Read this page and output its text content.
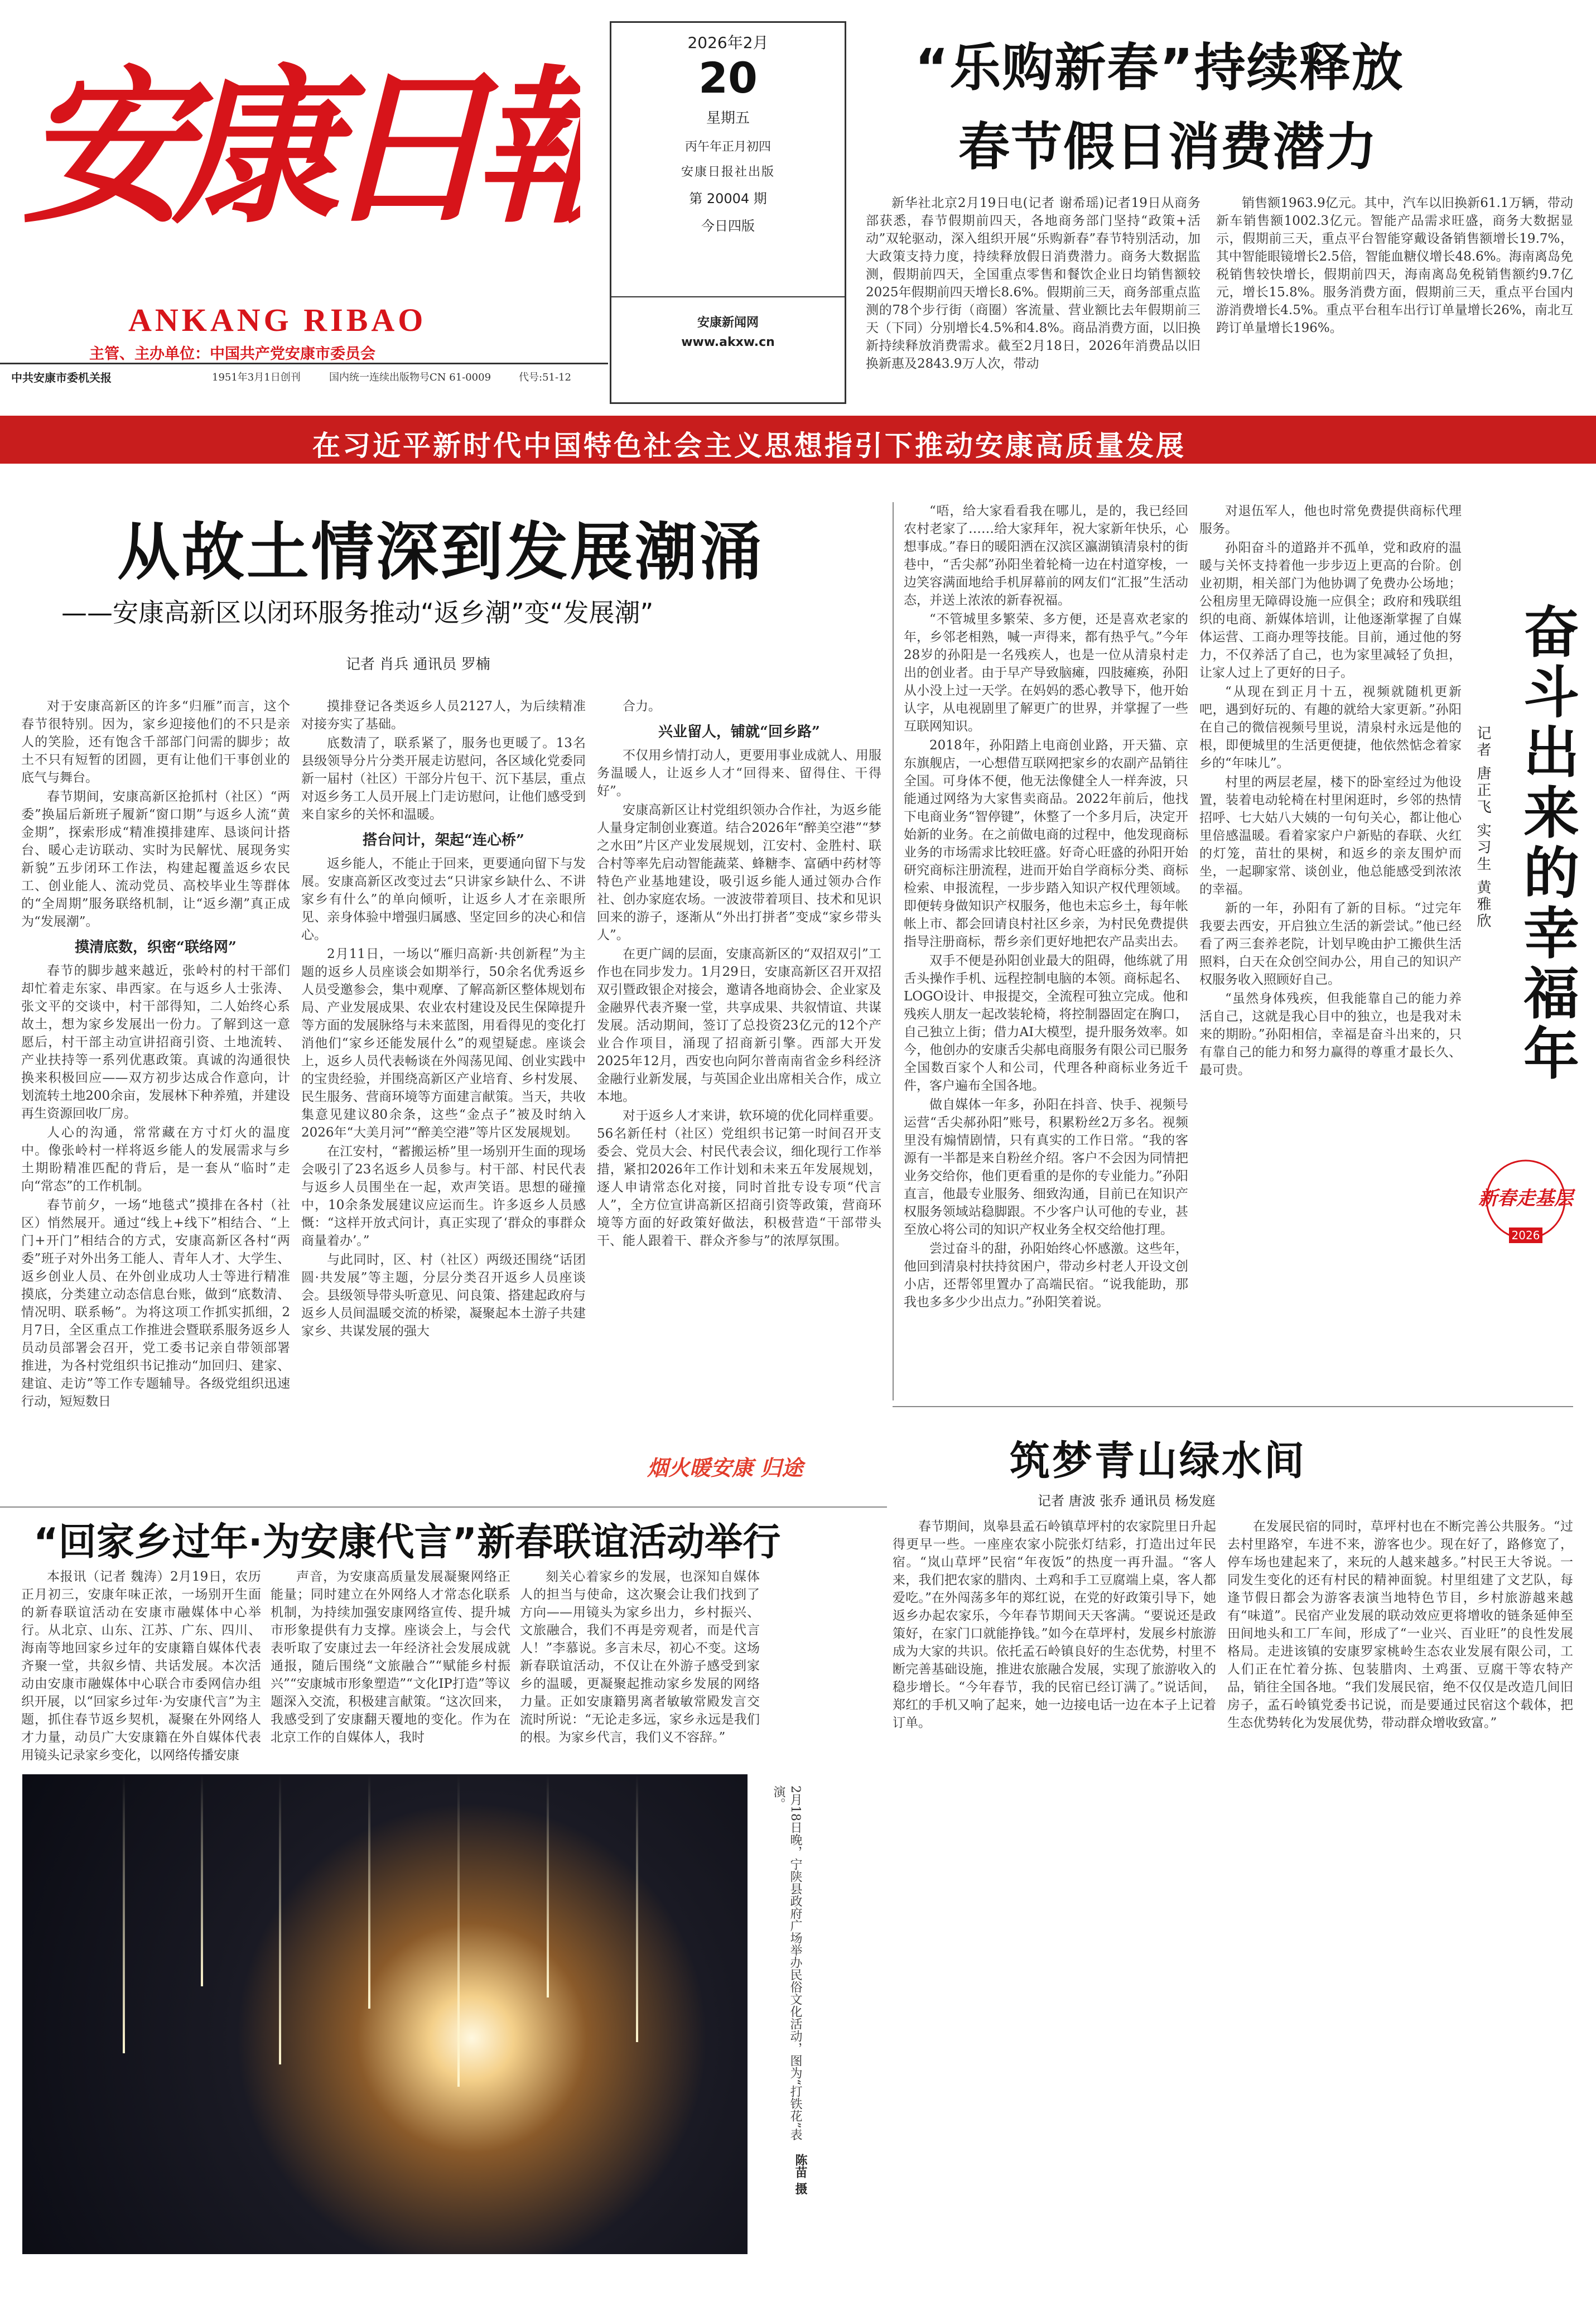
安康日報
ANKANG RIBAO
主管、主办单位：中国共产党安康市委员会
中共安康市委机关报	1951年3月1日创刊	国内统一连续出版物号CN 61-0009	代号:51-12
2026年2月
20
星期五
丙午年正月初四
安康日报社出版
第 20004 期
今日四版
安康新闻网
www.akxw.cn
“乐购新春”持续释放
春节假日消费潜力

新华社北京2月19日电(记者 谢希瑶)记者19日从商务部获悉，春节假期前四天，各地商务部门坚持“政策+活动”双轮驱动，深入组织开展“乐购新春”春节特别活动，加大政策支持力度，持续释放假日消费潜力。商务大数据监测，假期前四天，全国重点零售和餐饮企业日均销售额较2025年假期前四天增长8.6%。假期前三天，商务部重点监测的78个步行街（商圈）客流量、营业额比去年假期前三天（下同）分别增长4.5%和4.8%。商品消费方面，以旧换新持续释放消费需求。截至2月18日，2026年消费品以旧换新惠及2843.9万人次，带动

销售额1963.9亿元。其中，汽车以旧换新61.1万辆，带动新车销售额1002.3亿元。智能产品需求旺盛，商务大数据显示，假期前三天，重点平台智能穿戴设备销售额增长19.7%，其中智能眼镜增长2.5倍，智能血糖仪增长48.6%。海南离岛免税销售较快增长，假期前四天，海南离岛免税销售额约9.7亿元，增长15.8%。服务消费方面，假期前三天，重点平台国内游消费增长4.5%。重点平台租车出行订单量增长26%，南北互跨订单量增长196%。

在习近平新时代中国特色社会主义思想指引下推动安康高质量发展
从故土情深到发展潮涌
——安康高新区以闭环服务推动“返乡潮”变“发展潮”
记者 肖兵 通讯员 罗楠

对于安康高新区的许多“归雁”而言，这个春节很特别。因为，家乡迎接他们的不只是亲人的笑脸，还有饱含千部部门问需的脚步；故土不只有短暂的团圆，更有让他们干事创业的底气与舞台。

春节期间，安康高新区抢抓村（社区）“两委”换届后新班子履新“窗口期”与返乡人流“黄金期”，探索形成“精准摸排建库、恳谈问计搭台、暖心走访联动、实时为民解忧、展现务实新貌”五步闭环工作法，构建起覆盖返乡农民工、创业能人、流动党员、高校毕业生等群体的“全周期”服务联络机制，让“返乡潮”真正成为“发展潮”。

摸清底数，织密“联络网”

春节的脚步越来越近，张岭村的村干部们却忙着走东家、串西家。在与返乡人士张涛、张文平的交谈中，村干部得知，二人始终心系故土，想为家乡发展出一份力。了解到这一意愿后，村干部主动宣讲招商引资、土地流转、产业扶持等一系列优惠政策。真诚的沟通很快换来积极回应——双方初步达成合作意向，计划流转土地200余亩，发展林下种养殖，并建设再生资源回收厂房。

人心的沟通，常常藏在方寸灯火的温度中。像张岭村一样将返乡能人的发展需求与乡土期盼精准匹配的背后，是一套从“临时”走向“常态”的工作机制。

春节前夕，一场“地毯式”摸排在各村（社区）悄然展开。通过“线上+线下”相结合、“上门+开门”相结合的方式，安康高新区各村“两委”班子对外出务工能人、青年人才、大学生、返乡创业人员、在外创业成功人士等进行精准摸底，分类建立动态信息台账，做到“底数清、情况明、联系畅”。为将这项工作抓实抓细，2月7日，全区重点工作推进会暨联系服务返乡人员动员部署会召开，党工委书记亲自带领部署推进，为各村党组织书记推动“加回归、建家、建谊、走访”等工作专题辅导。各级党组织迅速行动，短短数日

摸排登记各类返乡人员2127人，为后续精准对接夯实了基础。

底数清了，联系紧了，服务也更暖了。13名县级领导分片分类开展走访慰问，各区域化党委同新一届村（社区）干部分片包干、沉下基层，重点对返乡务工人员开展上门走访慰问，让他们感受到来自家乡的关怀和温暖。

搭台问计，架起“连心桥”

返乡能人，不能止于回来，更要通向留下与发展。安康高新区改变过去“只讲家乡缺什么、不讲家乡有什么”的单向倾听，让返乡人才在亲眼所见、亲身体验中增强归属感、坚定回乡的决心和信心。

2月11日，一场以“雁归高新·共创新程”为主题的返乡人员座谈会如期举行，50余名优秀返乡人员受邀参会，集中观摩、了解高新区整体规划布局、产业发展成果、农业农村建设及民生保障提升等方面的发展脉络与未来蓝图，用看得见的变化打消他们“家乡还能发展什么”的观望疑虑。座谈会上，返乡人员代表畅谈在外闯荡见闻、创业实践中的宝贵经验，并围绕高新区产业培育、乡村发展、民生服务、营商环境等方面建言献策。当天，共收集意见建议80余条，这些“金点子”被及时纳入2026年“大美月河”“醉美空港”等片区发展规划。

在江安村，“蓄搬运桥”里一场别开生面的现场会吸引了23名返乡人员参与。村干部、村民代表与返乡人员围坐在一起，欢声笑语。思想的碰撞中，10余条发展建议应运而生。许多返乡人员感慨：“这样开放式问计，真正实现了‘群众的事群众商量着办’。”

与此同时，区、村（社区）两级还围绕“话团圆·共发展”等主题，分层分类召开返乡人员座谈会。县级领导带头听意见、问良策、搭建起政府与返乡人员间温暖交流的桥梁，凝聚起本土游子共建家乡、共谋发展的强大

合力。

兴业留人，铺就“回乡路”

不仅用乡情打动人，更要用事业成就人、用服务温暖人，让返乡人才“回得来、留得住、干得好”。

安康高新区让村党组织领办合作社，为返乡能人量身定制创业赛道。结合2026年“醉美空港”“梦之水田”片区产业发展规划，江安村、金胜村、联合村等率先启动智能蔬菜、蜂糖李、富硒中药材等特色产业基地建设，吸引返乡能人通过领办合作社、创办家庭农场。一波波带着项目、技术和见识回来的游子，逐渐从“外出打拼者”变成“家乡带头人”。

在更广阔的层面，安康高新区的“双招双引”工作也在同步发力。1月29日，安康高新区召开双招双引暨政银企对接会，邀请各地商协会、企业家及金融界代表齐聚一堂，共享成果、共叙情谊、共谋发展。活动期间，签订了总投资23亿元的12个产业合作项目，涌现了招商新引擎。西部大开发2025年12月，西安也向阿尔普南南省金乡科经济金融行业新发展，与英国企业出席相关合作，成立本地。

对于返乡人才来讲，软环境的优化同样重要。56名新任村（社区）党组织书记第一时间召开支委会、党员大会、村民代表会议，细化现行工作举措，紧扣2026年工作计划和未来五年发展规划，逐人申请常态化对接，同时首批专设专项“代言人”，全方位宣讲高新区招商引资等政策，营商环境等方面的好政策好做法，积极营造“干部带头干、能人跟着干、群众齐参与”的浓厚氛围。

烟火暖安康 归途

“唔，给大家看看我在哪儿，是的，我已经回农村老家了……给大家拜年，祝大家新年快乐，心想事成。”春日的暖阳洒在汉滨区瀛湖镇清泉村的街巷中，“舌尖郝”孙阳坐着轮椅一边在村道穿梭，一边笑容满面地给手机屏幕前的网友们“汇报”生活动态，并送上浓浓的新春祝福。

“不管城里多繁荣、多方便，还是喜欢老家的年，乡邻老相熟，喊一声得来，都有热乎气。”今年28岁的孙阳是一名残疾人，也是一位从清泉村走出的创业者。由于早产导致脑瘫，四肢瘫痪，孙阳从小没上过一天学。在妈妈的悉心教导下，他开始认字，从电视剧里了解更广的世界，并掌握了一些互联网知识。

2018年，孙阳踏上电商创业路，开天猫、京东旗舰店，一心想借互联网把家乡的农副产品销往全国。可身体不便，他无法像健全人一样奔波，只能通过网络为大家售卖商品。2022年前后，他找下电商业务“智停键”，休整了一个多月后，决定开始新的业务。在之前做电商的过程中，他发现商标业务的市场需求比较旺盛。好奇心旺盛的孙阳开始研究商标注册流程，进而开始自学商标分类、商标检索、申报流程，一步步踏入知识产权代理领域。即便转身做知识产权服务，他也未忘乡土，每年帐帐上市、都会回请良村社区乡亲，为村民免费提供指导注册商标，帮乡亲们更好地把农产品卖出去。

双手不便是孙阳创业最大的阻碍，他练就了用舌头操作手机、远程控制电脑的本领。商标起名、LOGO设计、申报提交，全流程可独立完成。他和残疾人朋友一起改装轮椅，将控制器固定在胸口，自己独立上街；借力AI大模型，提升服务效率。如今，他创办的安康舌尖郝电商服务有限公司已服务全国数百家个人和公司，代理各种商标业务近千件，客户遍布全国各地。

做自媒体一年多，孙阳在抖音、快手、视频号运营“舌尖郝孙阳”账号，积累粉丝2万多名。视频里没有煽情剧情，只有真实的工作日常。“我的客源有一半都是来自粉丝介绍。客户不会因为同情把业务交给你，他们更看重的是你的专业能力。”孙阳直言，他最专业服务、细致沟通，目前已在知识产权服务领域站稳脚跟。不少客户认可他的专业，甚至放心将公司的知识产权业务全权交给他打理。

尝过奋斗的甜，孙阳始终心怀感激。这些年，他回到清泉村扶持贫困户，带动乡村老人开设文创小店，还帮邻里置办了高端民宿。“说我能助，那我也多多少少出点力。”孙阳笑着说。

对退伍军人，他也时常免费提供商标代理服务。

孙阳奋斗的道路并不孤单，党和政府的温暖与关怀支持着他一步步迈上更高的台阶。创业初期，相关部门为他协调了免费办公场地；公租房里无障碍设施一应俱全；政府和残联组织的电商、新媒体培训，让他逐渐掌握了自媒体运营、工商办理等技能。目前，通过他的努力，不仅养活了自己，也为家里减轻了负担，让家人过上了更好的日子。

“从现在到正月十五，视频就随机更新吧，遇到好玩的、有趣的就给大家更新。”孙阳在自己的微信视频号里说，清泉村永远是他的根，即便城里的生活更便捷，他依然惦念着家乡的“年味儿”。

村里的两层老屋，楼下的卧室经过为他设置，装着电动轮椅在村里闲逛时，乡邻的热情招呼、七大姑八大姨的一句句关心，都让他心里倍感温暖。看着家家户户新贴的春联、火红的灯笼，苗壮的果树，和返乡的亲友围炉而坐，一起聊家常、谈创业，他总能感受到浓浓的幸福。

新的一年，孙阳有了新的目标。“过完年我要去西安，开启独立生活的新尝试。”他已经看了两三套养老院，计划早晚由护工搬供生活照料，白天在众创空间办公，用自己的知识产权服务收入照顾好自己。

“虽然身体残疾，但我能靠自己的能力养活自己，这就是我心目中的独立，也是我对未来的期盼。”孙阳相信，幸福是奋斗出来的，只有靠自己的能力和努力赢得的尊重才最长久、最可贵。	奋斗出来的幸福年
记者 唐正飞 实习生 黄雅欣
新春走基层
2026
“回家乡过年·为安康代言”新春联谊活动举行

本报讯（记者 魏涛）2月19日，农历正月初三，安康年味正浓，一场别开生面的新春联谊活动在安康市融媒体中心举行。从北京、山东、江苏、广东、四川、海南等地回家乡过年的安康籍自媒体代表齐聚一堂，共叙乡情、共话发展。本次活动由安康市融媒体中心联合市委网信办组织开展，以“回家乡过年·为安康代言”为主题，抓住春节返乡契机，凝聚在外网络人才力量，动员广大安康籍在外自媒体代表用镜头记录家乡变化，以网络传播安康

声音，为安康高质量发展凝聚网络正能量；同时建立在外网络人才常态化联系机制，为持续加强安康网络宣传、提升城市形象提供有力支撑。座谈会上，与会代表听取了安康过去一年经济社会发展成就通报，随后围绕“文旅融合”“赋能乡村振兴”“安康城市形象塑造”“文化IP打造”等议题深入交流，积极建言献策。“这次回来，我感受到了安康翻天覆地的变化。作为在北京工作的自媒体人，我时

刻关心着家乡的发展，也深知自媒体人的担当与使命，这次聚会让我们找到了方向——用镜头为家乡出力，乡村振兴、文旅融合，我们不再是旁观者，而是代言人！”李慕说。多言未尽，初心不变。这场新春联谊活动，不仅让在外游子感受到家乡的温暖，更凝聚起推动家乡发展的网络力量。正如安康籍男离者敏敏常殿发言交流时所说：“无论走多远，家乡永远是我们的根。为家乡代言，我们义不容辞。”

2月18日晚，宁陕县政府广场举办民俗文化活动，图为“打铁花”表演。
陈苗 摄
筑梦青山绿水间
记者 唐波 张乔 通讯员 杨发庭

春节期间，岚皋县孟石岭镇草坪村的农家院里日升起得更早一些。一座座农家小院张灯结彩，打造出过年民宿。“岚山草坪”民宿“年夜饭”的热度一再升温。“客人来，我们把农家的腊肉、土鸡和手工豆腐端上桌，客人都爱吃。”在外闯荡多年的郑红说，在党的好政策引导下，她返乡办起农家乐，今年春节期间天天客满。“要说还是政策好，在家门口就能挣钱。”如今在草坪村，发展乡村旅游成为大家的共识。依托孟石岭镇良好的生态优势，村里不断完善基础设施，推进农旅融合发展，实现了旅游收入的稳步增长。“今年春节，我的民宿已经订满了。”说话间，郑红的手机又响了起来，她一边接电话一边在本子上记着订单。

在发展民宿的同时，草坪村也在不断完善公共服务。“过去村里路窄，车进不来，游客也少。现在好了，路修宽了，停车场也建起来了，来玩的人越来越多。”村民王大爷说。一同发生变化的还有村民的精神面貌。村里组建了文艺队，每逢节假日都会为游客表演当地特色节目，乡村旅游越来越有“味道”。民宿产业发展的联动效应更将增收的链条延伸至田间地头和工厂车间，形成了“一业兴、百业旺”的良性发展格局。走进该镇的安康罗家桃岭生态农业发展有限公司，工人们正在忙着分拣、包装腊肉、土鸡蛋、豆腐干等农特产品，销往全国各地。“我们发展民宿，绝不仅仅是改造几间旧房子，孟石岭镇党委书记说，而是要通过民宿这个载体，把生态优势转化为发展优势，带动群众增收致富。”
